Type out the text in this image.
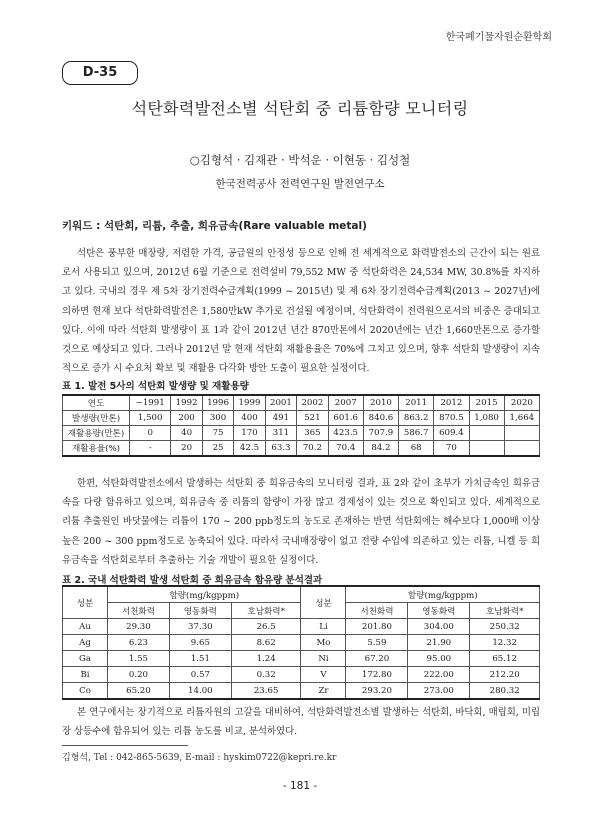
한국폐기물자원순환학회
D-35
석탄화력발전소별 석탄회 중 리튬함량 모니터링
○김형석 · 김재관 · 박석운 · 이현동 · 김성철
한국전력공사 전력연구원 발전연구소
키워드 : 석탄회, 리튬, 추출, 희유금속(Rare valuable metal)
석탄은 풍부한 매장량, 저렴한 가격, 공급원의 안정성 등으로 인해 전 세계적으로 화력발전소의 근간이 되는 원료로서 사용되고 있으며, 2012년 6월 기준으로 전력설비 79,552 MW 중 석탄화력은 24,534 MW, 30.8%를 차지하고 있다. 국내의 경우 제 5차 장기전력수급계획(1999 ~ 2015년) 및 제 6차 장기전력수급계획(2013 ~ 2027년)에 의하면 현재 보다 석탄화력발전은 1,580만kW 추가로 건설될 예정이며, 석탄화력이 전력원으로서의 비중은 증대되고 있다. 이에 따라 석탄회 발생량이 표 1과 같이 2012년 년간 870만톤에서 2020년에는 년간 1,660만톤으로 증가할 것으로 예상되고 있다. 그러나 2012년 말 현재 석탄회 재활용율은 70%에 그치고 있으며, 향후 석탄회 발생량이 지속적으로 증가 시 수요처 확보 및 재활용 다각화 방안 도출이 필요한 실정이다.
표 1. 발전 5사의 석탄회 발생량 및 재활용량
연도	~1991	1992	1996	1999	2001	2002	2007	2010	2011	2012	2015	2020
발생량(만톤)	1,500	200	300	400	491	521	601.6	840.6	863.2	870.5	1,080	1,664
재활용량(만톤)	0	40	75	170	311	365	423.5	707.9	586.7	609.4		
재활용율(%)	-	20	25	42.5	63.3	70.2	70.4	84.2	68	70		
한편, 석탄화력발전소에서 발생하는 석탄회 중 희유금속의 모니터링 결과, 표 2와 같이 초부가 가치금속인 희유금속을 다량 함유하고 있으며, 희유금속 중 리튬의 함량이 가장 많고 경제성이 있는 것으로 확인되고 있다. 세계적으로 리튬 추출원인 바닷물에는 리튬이 170 ~ 200 ppb정도의 농도로 존재하는 반면 석탄회에는 해수보다 1,000배 이상 높은 200 ~ 300 ppm정도로 농축되어 있다. 따라서 국내매장량이 없고 전량 수입에 의존하고 있는 리튬, 니켈 등 희유금속을 석탄회로부터 추출하는 기술 개발이 필요한 실정이다.
표 2. 국내 석탄화력 발생 석탄회 중 희유금속 함유량 분석결과
성분	함량(mg/kgppm)			성분	함량(mg/kgppm)		
	서천화력	영동화력	호남화력*		서천화력	영동화력	호남화력*
Au	29.30	37.30	26.5	Li	201.80	304.00	250.32
Ag	6.23	9.65	8.62	Mo	5.59	21.90	12.32
Ga	1.55	1.51	1.24	Ni	67.20	95.00	65.12
Bi	0.20	0.57	0.32	V	172.80	222.00	212.20
Co	65.20	14.00	23.65	Zr	293.20	273.00	280.32
본 연구에서는 장기적으로 리튬자원의 고갈을 대비하여, 석탄화력발전소별 발생하는 석탄회, 바닥회, 매립회, 미립장 상등수에 함유되어 있는 리튬 농도를 비교, 분석하였다.
김형석, Tel : 042-865-5639, E-mail : hyskim0722@kepri.re.kr
- 181 -
